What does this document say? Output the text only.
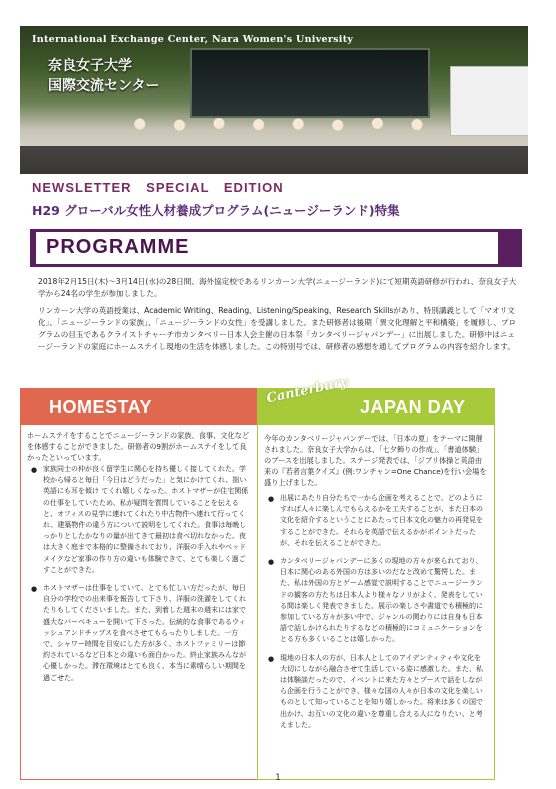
International Exchange Center, Nara Women's University
奈良女子大学
国際交流センター
NEWSLETTER SPECIAL EDITION
H29 グローバル女性人材養成プログラム(ニュージーランド)特集
PROGRAMME

2018年2月15日(木)～3月14日(水)の28日間、海外協定校であるリンカーン大学(ニュージーランド)にて短期英語研修が行われ、奈良女子大学から24名の学生が参加しました。

リンカーン大学の英語授業は、Academic Writing、Reading、Listening/Speaking、Research Skillsがあり、特別講義として「マオリ文化」、「ニュージーランドの家族」、「ニュージーランドの女性」を受講しました。また研修者は後期「異文化理解と平和構築」を履修し、プログラムの目玉であるクライストチャーチ市カンタベリー日本人会主催の日本祭「カンタベリージャパンデー」に出展しました。研修中はニュージーランドの家庭にホームステイし現地の生活を体感しました。この特別号では、研修者の感想を通してプログラムの内容を紹介します。

HOMESTAY
ホームステイをすることでニュージーランドの家族、食事、文化などを体感することができました。研修者の9割がホームステイをして良かったといっています。
● 家族同士の仲が良く留学生に関心を持ち優しく接してくれた。学校から帰ると毎日「今日はどうだった」と気にかけてくれ、拙い英語にも耳を傾け てくれ嬉しくなった。ホストマザーが住宅関係の仕事をしていたため、私が疑問を質問していることを伝えると、オフィスの見学に連れてくれたり中古物件へ連れて行ってくれ、建築物件の違う方について説明をしてくれた。食事は毎晩しっかりとしたかなりの量が出てきて最初は食べ切れなかった。夜は大きく庭まで本格的に整備されており、洋服の手入れやベッドメイクなど家事の作り方の違いも体験できて、とても楽しく過ごすことができた。
● ホストマザーは仕事をしていて、とても忙しい方だったが、毎日自分の学校での出来事を報告して下さり、洋服の洗濯をしてくれたりもしてくださいました。また、到着した週末の週末には家で盛大なバーベキューを開いて下さった。伝統的な食事であるウィッシュアンドチップスを食べさせてもらったりしました。一方で、シャワー時間を目安にした方が多く、ホストファミリーは節約されているなど日本との違いも面白かった。終止家族みんなが心優しかった。滞在環境はとても良く、本当に素晴らしい期間を過ごせた。
Canterbury
JAPAN DAY
今年のカンタベリージャパンデーでは、「日本の夏」をテーマに開催されました。奈良女子大学からは、「七夕飾りの作成」、「書道体験」のブースを出展しました。ステージ発表では、「ジブリ体操と英語由来の『若者言葉クイズ』(例:ワンチャン=One Chance)を行い会場を盛り上げました。
● 出展にあたり自分たちで一から企画を考えることで、どのようにすれば人々に楽しんでもらえるかを工夫することが、また日本の文化を紹介するということにあたって日本文化の魅力の再発見をすることができた。それらを英語で伝えるかがポイントだったが、それを伝えることができた。
● カンタベリージャパンデーに多くの現地の方々が来られており、日本に関心のある外国の方は多いのだなと改めて驚愕した。また、私は外国の方とゲーム感覚で説明することでニュージーランドの観客の方たちは日本人より様々なノリがよく、発表をしている間は楽しく発表できました。展示の楽しさや書道でも積極的に参加している方々が多い中で、ジャンルの関わりには自身も日本語で話しかけられたりするなどの積極的にコミュニケーションをとる方も多くいることは嬉しかった。
● 現地の日本人の方が、日本人としてのアイデンティティや文化を大切にしながら融合させて生活している姿に感激した。また、私は体験談だったので、イベントに来た方々とブースで話をしながら企画を行うことができ、様々な国の人々が日本の文化を楽しいものとして知っていることを知り嬉しかった。将来は多くの国で出かけ、お互いの文化の違いを尊重し合える人になりたい、と考えました。
1
